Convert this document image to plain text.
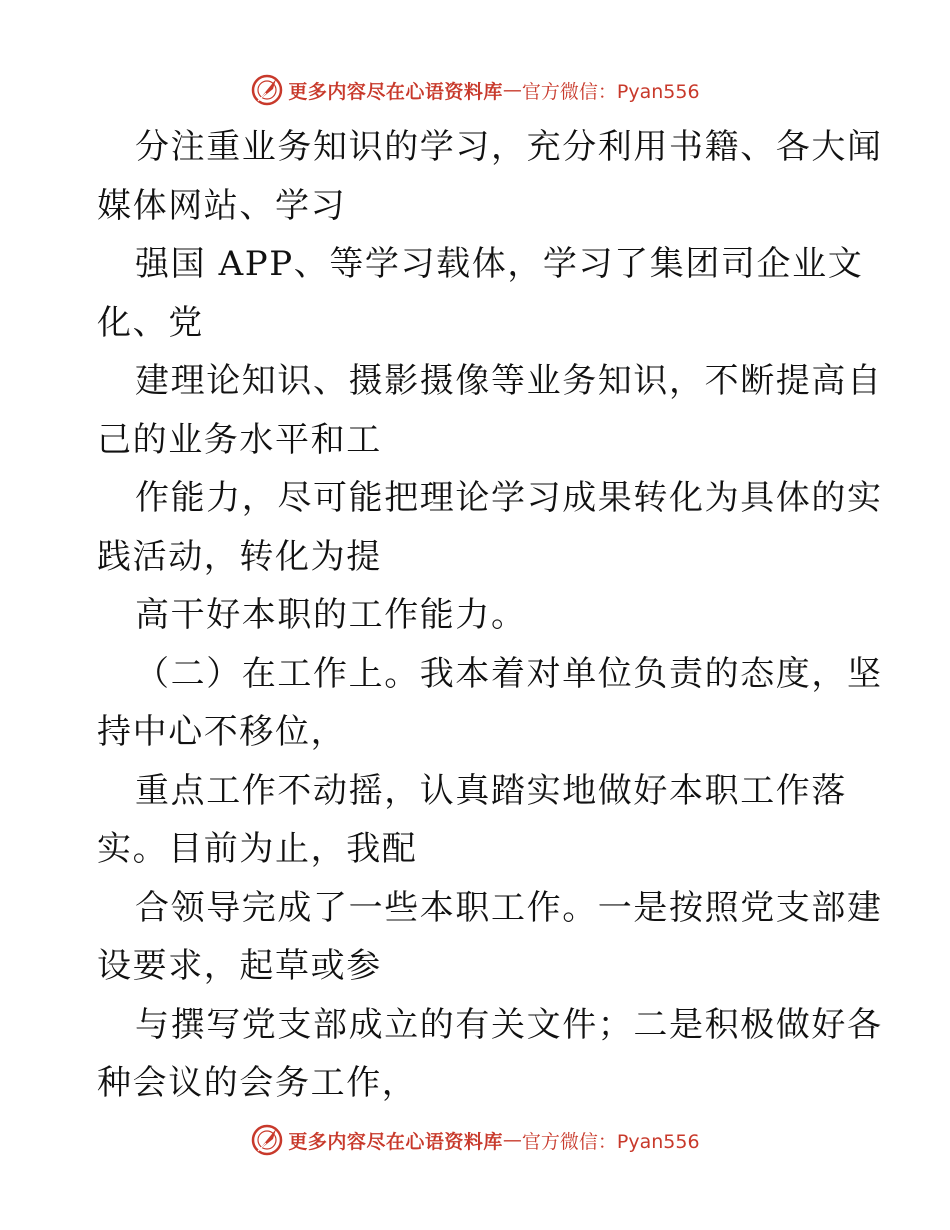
更多内容尽在心语资料库 — 官方微信：Pyan556
分注重业务知识的学习，充分利用书籍、各大闻
媒体网站、学习
强国 APP、等学习载体，学习了集团司企业文
化、党
建理论知识、摄影摄像等业务知识，不断提高自
己的业务水平和工
作能力，尽可能把理论学习成果转化为具体的实
践活动，转化为提
高干好本职的工作能力。
（二）在工作上。我本着对单位负责的态度，坚
持中心不移位，
重点工作不动摇，认真踏实地做好本职工作落
实。目前为止，我配
合领导完成了一些本职工作。一是按照党支部建
设要求，起草或参
与撰写党支部成立的有关文件；二是积极做好各
种会议的会务工作，
更多内容尽在心语资料库 — 官方微信：Pyan556
